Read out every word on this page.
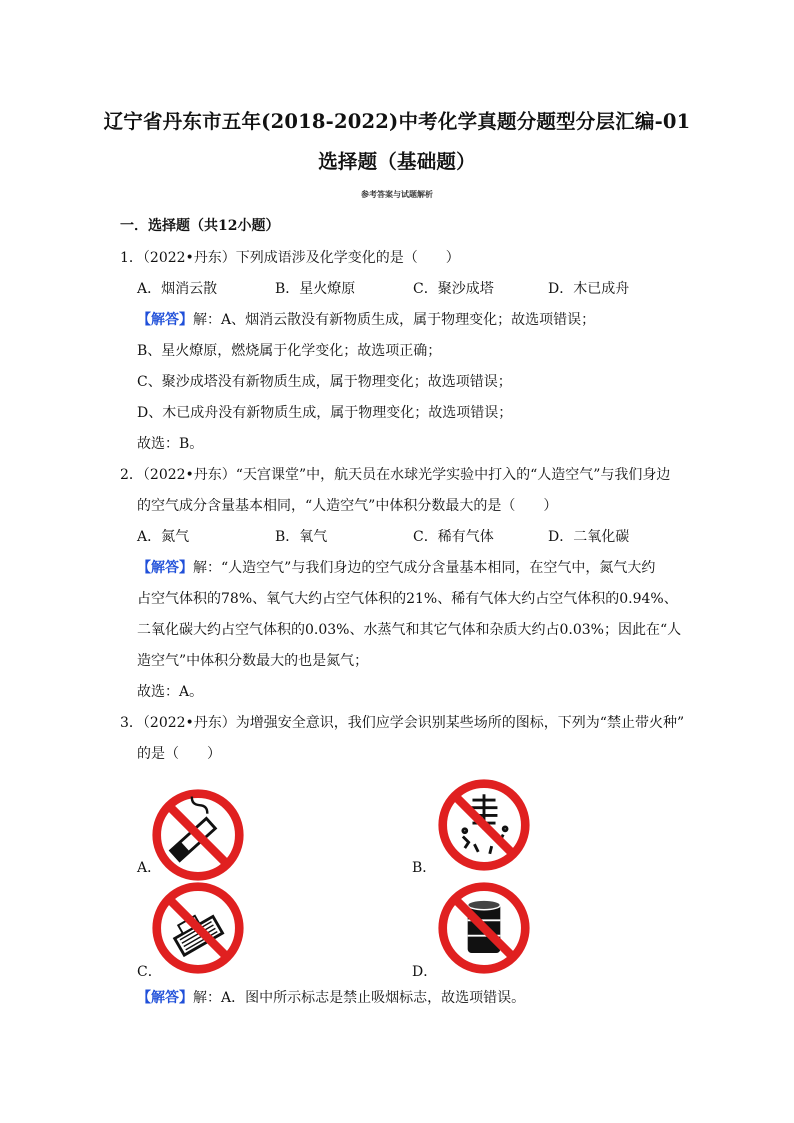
辽宁省丹东市五年(2018-2022)中考化学真题分题型分层汇编-01
选择题（基础题）
参考答案与试题解析
一．选择题（共12小题）
1．（2022•丹东）下列成语涉及化学变化的是（　　）
A．烟消云散	B．星火燎原	C．聚沙成塔	D．木已成舟
【解答】解：A、烟消云散没有新物质生成，属于物理变化；故选项错误；
B、星火燎原，燃烧属于化学变化；故选项正确；
C、聚沙成塔没有新物质生成，属于物理变化；故选项错误；
D、木已成舟没有新物质生成，属于物理变化；故选项错误；
故选：B。
2．（2022•丹东）“天宫课堂”中，航天员在水球光学实验中打入的“人造空气”与我们身边
的空气成分含量基本相同，“人造空气”中体积分数最大的是（　　）
A．氮气	B．氧气	C．稀有气体	D．二氧化碳
【解答】解：“人造空气”与我们身边的空气成分含量基本相同，在空气中，氮气大约
占空气体积的78%、氧气大约占空气体积的21%、稀有气体大约占空气体积的0.94%、
二氧化碳大约占空气体积的0.03%、水蒸气和其它气体和杂质大约占0.03%；因此在“人
造空气”中体积分数最大的也是氮气；
故选：A。
3．（2022•丹东）为增强安全意识，我们应学会识别某些场所的图标，下列为“禁止带火种”
的是（　　）
A．	B．
C．	D．
【解答】解：A．图中所示标志是禁止吸烟标志，故选项错误。
